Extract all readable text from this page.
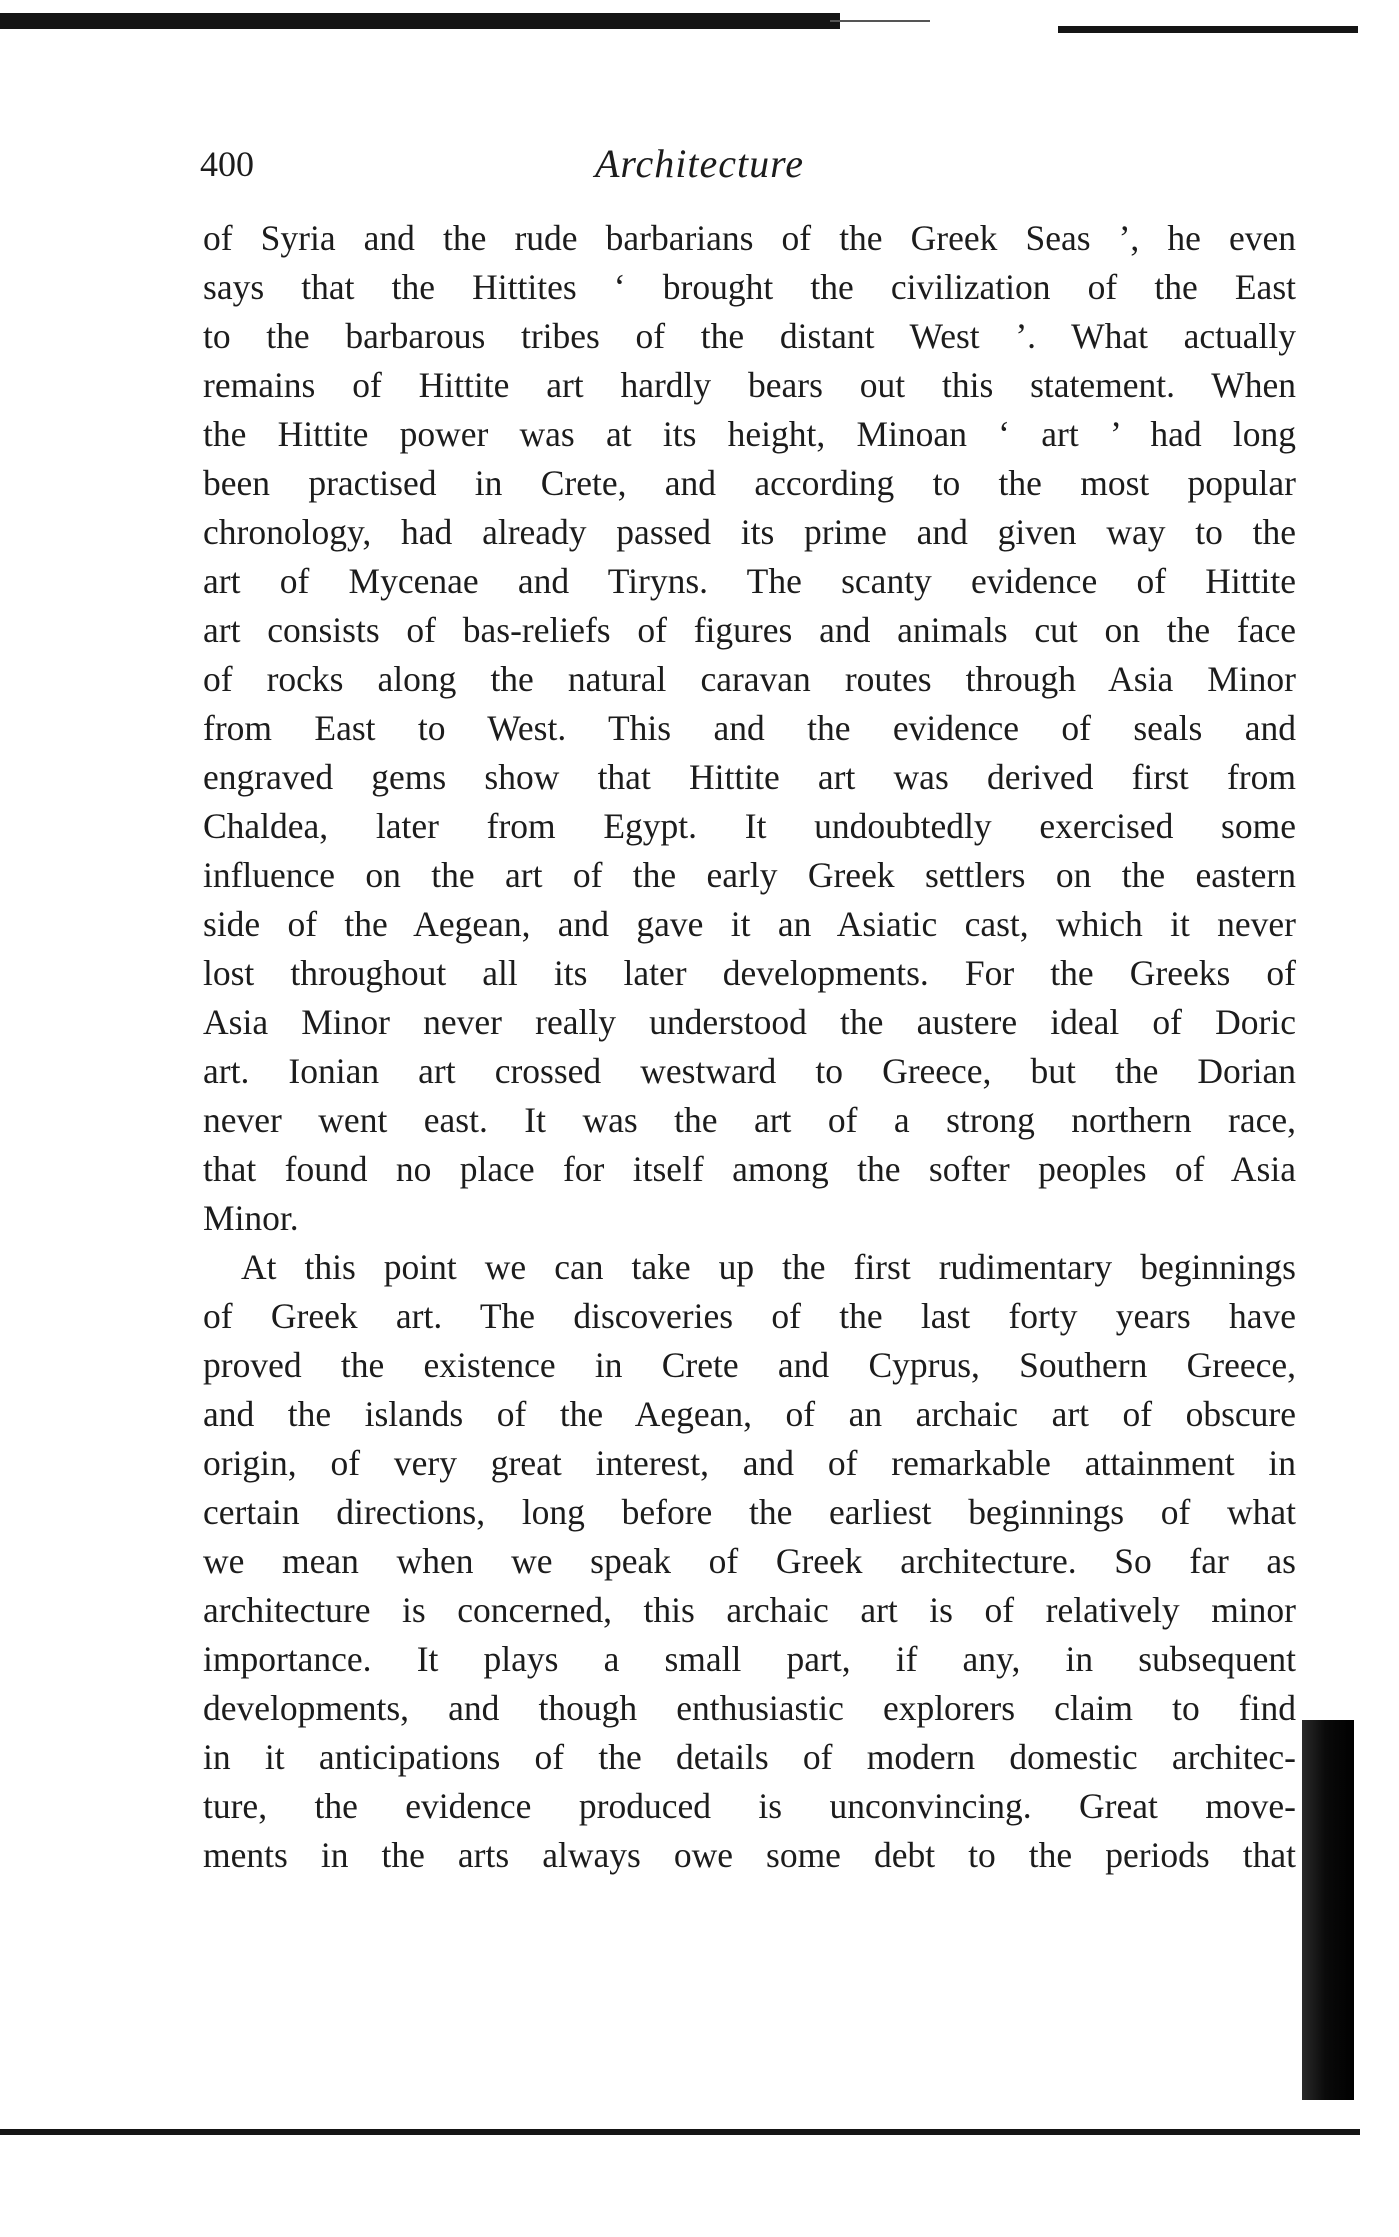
400	Architecture
of Syria and the rude barbarians of the Greek Seas ’, he even
says that the Hittites ‘ brought the civilization of the East
to the barbarous tribes of the distant West ’. What actually
remains of Hittite art hardly bears out this statement. When
the Hittite power was at its height, Minoan ‘ art ’ had long
been practised in Crete, and according to the most popular
chronology, had already passed its prime and given way to the
art of Mycenae and Tiryns. The scanty evidence of Hittite
art consists of bas-reliefs of figures and animals cut on the face
of rocks along the natural caravan routes through Asia Minor
from East to West. This and the evidence of seals and
engraved gems show that Hittite art was derived first from
Chaldea, later from Egypt. It undoubtedly exercised some
influence on the art of the early Greek settlers on the eastern
side of the Aegean, and gave it an Asiatic cast, which it never
lost throughout all its later developments. For the Greeks of
Asia Minor never really understood the austere ideal of Doric
art. Ionian art crossed westward to Greece, but the Dorian
never went east. It was the art of a strong northern race,
that found no place for itself among the softer peoples of Asia
Minor.
At this point we can take up the first rudimentary beginnings
of Greek art. The discoveries of the last forty years have
proved the existence in Crete and Cyprus, Southern Greece,
and the islands of the Aegean, of an archaic art of obscure
origin, of very great interest, and of remarkable attainment in
certain directions, long before the earliest beginnings of what
we mean when we speak of Greek architecture. So far as
architecture is concerned, this archaic art is of relatively minor
importance. It plays a small part, if any, in subsequent
developments, and though enthusiastic explorers claim to find
in it anticipations of the details of modern domestic architec-
ture, the evidence produced is unconvincing. Great move-
ments in the arts always owe some debt to the periods that
